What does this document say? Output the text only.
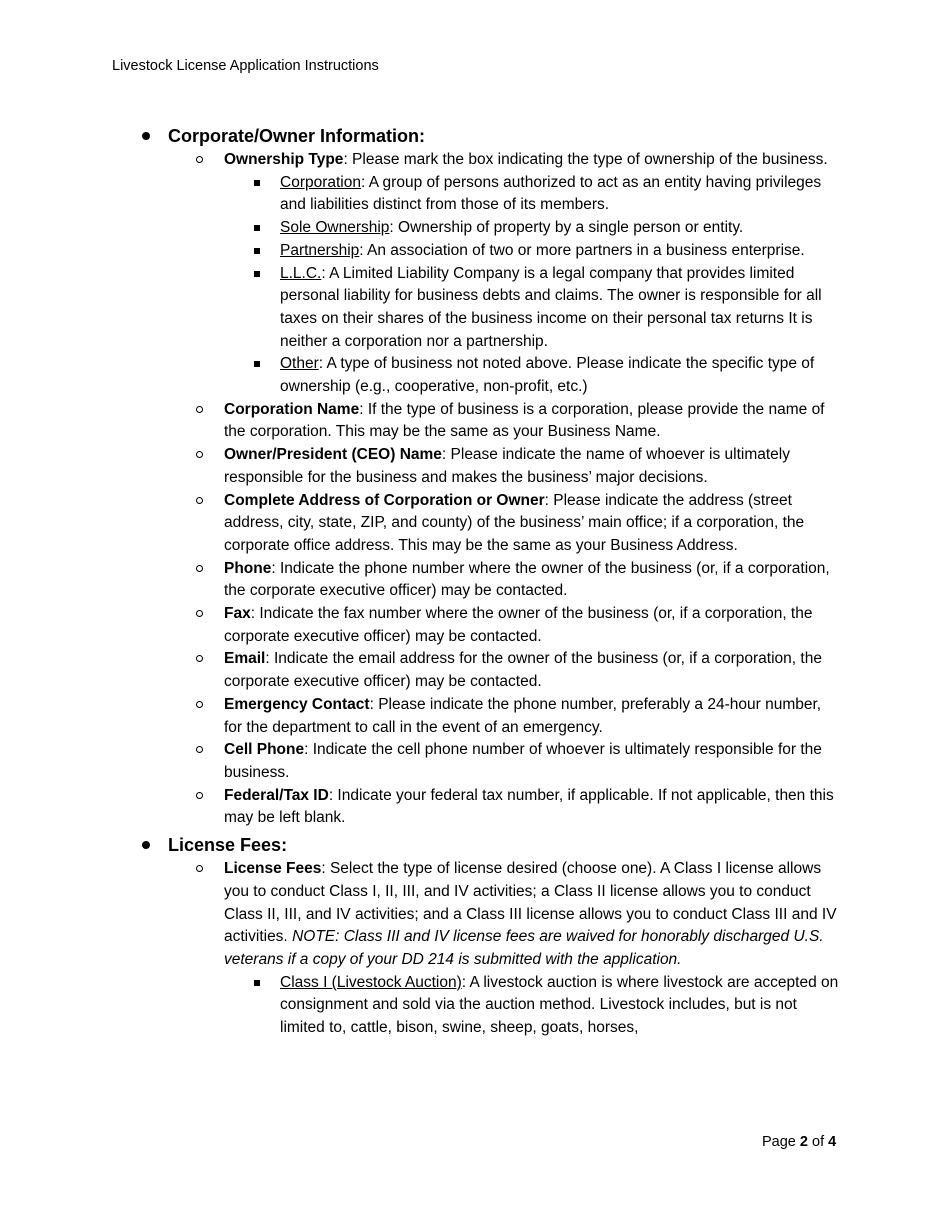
Livestock License Application Instructions
Corporate/Owner Information:
Ownership Type: Please mark the box indicating the type of ownership of the business.
Corporation: A group of persons authorized to act as an entity having privileges and liabilities distinct from those of its members.
Sole Ownership: Ownership of property by a single person or entity.
Partnership: An association of two or more partners in a business enterprise.
L.L.C.: A Limited Liability Company is a legal company that provides limited personal liability for business debts and claims. The owner is responsible for all taxes on their shares of the business income on their personal tax returns It is neither a corporation nor a partnership.
Other: A type of business not noted above. Please indicate the specific type of ownership (e.g., cooperative, non-profit, etc.)
Corporation Name: If the type of business is a corporation, please provide the name of the corporation. This may be the same as your Business Name.
Owner/President (CEO) Name: Please indicate the name of whoever is ultimately responsible for the business and makes the business’ major decisions.
Complete Address of Corporation or Owner: Please indicate the address (street address, city, state, ZIP, and county) of the business’ main office; if a corporation, the corporate office address. This may be the same as your Business Address.
Phone: Indicate the phone number where the owner of the business (or, if a corporation, the corporate executive officer) may be contacted.
Fax: Indicate the fax number where the owner of the business (or, if a corporation, the corporate executive officer) may be contacted.
Email: Indicate the email address for the owner of the business (or, if a corporation, the corporate executive officer) may be contacted.
Emergency Contact: Please indicate the phone number, preferably a 24-hour number, for the department to call in the event of an emergency.
Cell Phone: Indicate the cell phone number of whoever is ultimately responsible for the business.
Federal/Tax ID: Indicate your federal tax number, if applicable. If not applicable, then this may be left blank.
License Fees:
License Fees: Select the type of license desired (choose one). A Class I license allows you to conduct Class I, II, III, and IV activities; a Class II license allows you to conduct Class II, III, and IV activities; and a Class III license allows you to conduct Class III and IV activities. NOTE: Class III and IV license fees are waived for honorably discharged U.S. veterans if a copy of your DD 214 is submitted with the application.
Class I (Livestock Auction): A livestock auction is where livestock are accepted on consignment and sold via the auction method. Livestock includes, but is not limited to, cattle, bison, swine, sheep, goats, horses,
Page 2 of 4
